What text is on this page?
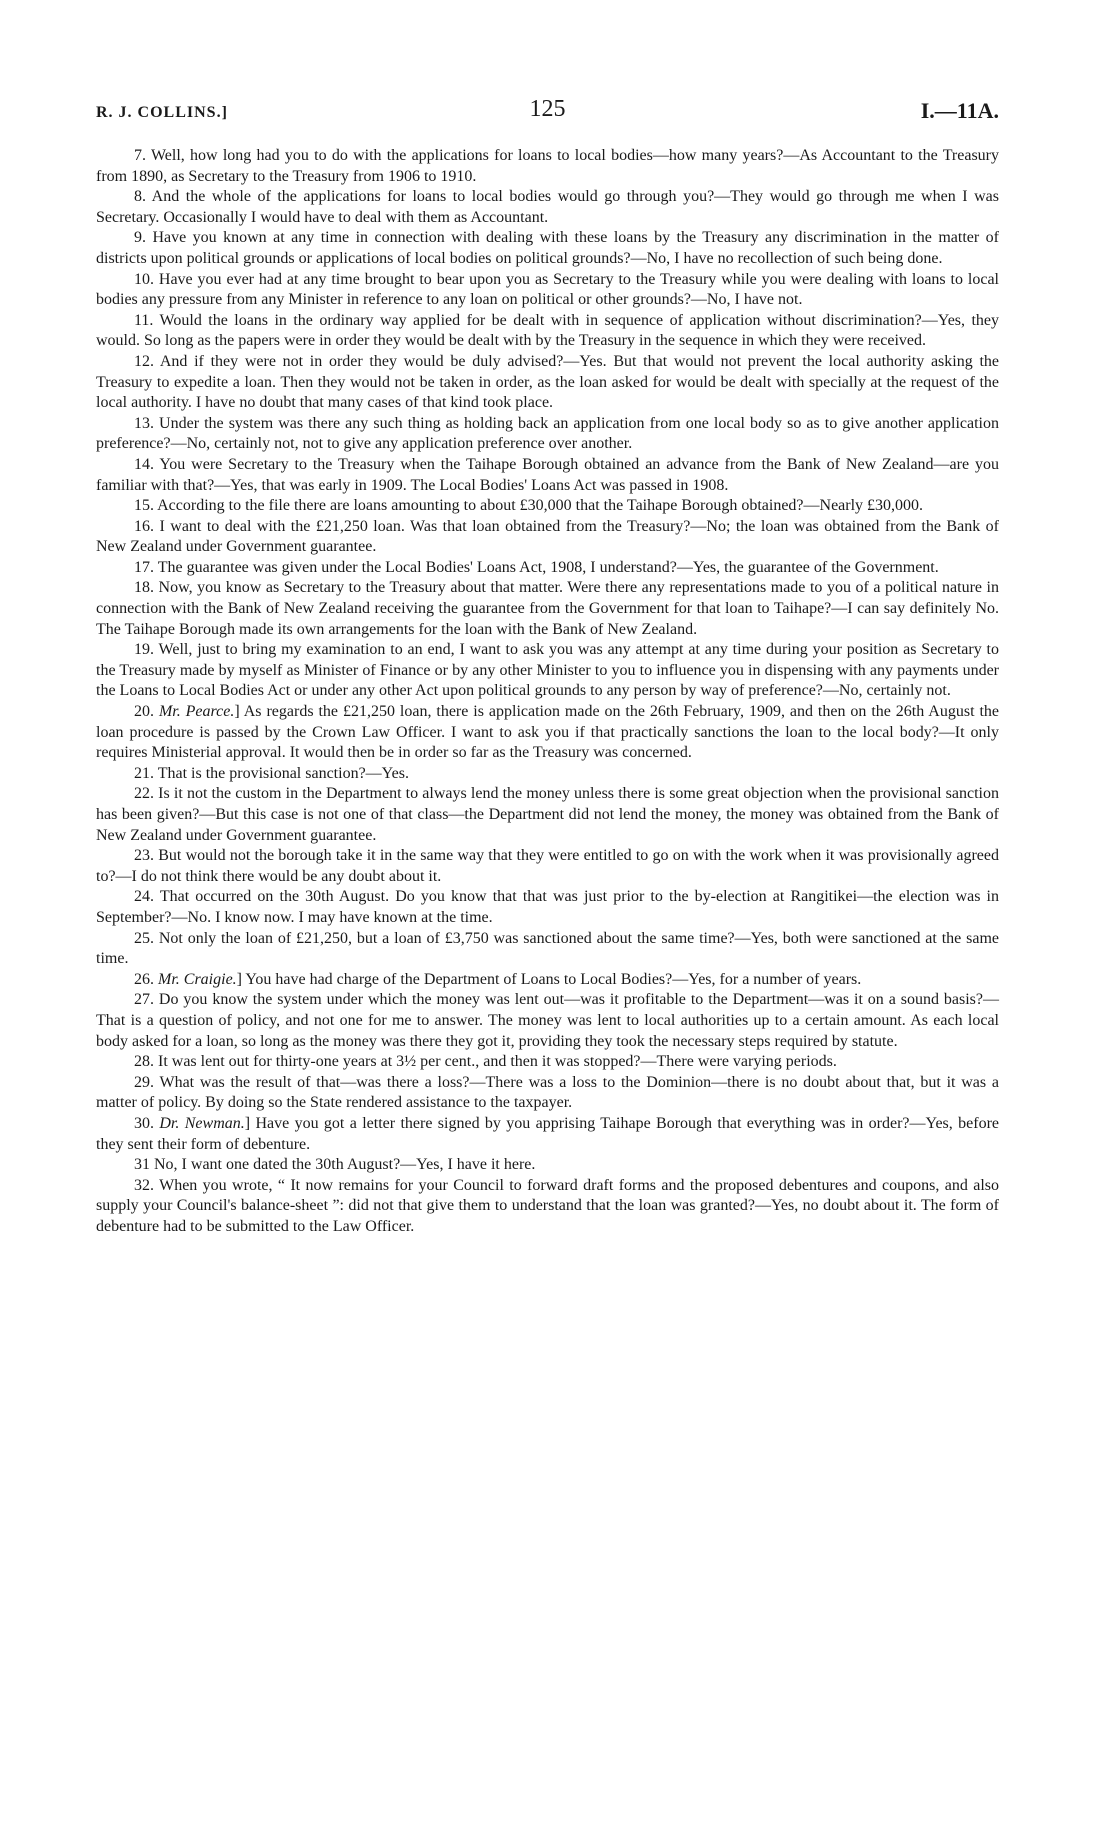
R. J. COLLINS.]	125	I.—11A.

7. Well, how long had you to do with the applications for loans to local bodies—how many years?—As Accountant to the Treasury from 1890, as Secretary to the Treasury from 1906 to 1910.

8. And the whole of the applications for loans to local bodies would go through you?—They would go through me when I was Secretary. Occasionally I would have to deal with them as Accountant.

9. Have you known at any time in connection with dealing with these loans by the Treasury any discrimination in the matter of districts upon political grounds or applications of local bodies on political grounds?—No, I have no recollection of such being done.

10. Have you ever had at any time brought to bear upon you as Secretary to the Treasury while you were dealing with loans to local bodies any pressure from any Minister in reference to any loan on political or other grounds?—No, I have not.

11. Would the loans in the ordinary way applied for be dealt with in sequence of application without discrimination?—Yes, they would. So long as the papers were in order they would be dealt with by the Treasury in the sequence in which they were received.

12. And if they were not in order they would be duly advised?—Yes. But that would not prevent the local authority asking the Treasury to expedite a loan. Then they would not be taken in order, as the loan asked for would be dealt with specially at the request of the local authority. I have no doubt that many cases of that kind took place.

13. Under the system was there any such thing as holding back an application from one local body so as to give another application preference?—No, certainly not, not to give any application preference over another.

14. You were Secretary to the Treasury when the Taihape Borough obtained an advance from the Bank of New Zealand—are you familiar with that?—Yes, that was early in 1909. The Local Bodies' Loans Act was passed in 1908.

15. According to the file there are loans amounting to about £30,000 that the Taihape Borough obtained?—Nearly £30,000.

16. I want to deal with the £21,250 loan. Was that loan obtained from the Treasury?—No; the loan was obtained from the Bank of New Zealand under Government guarantee.

17. The guarantee was given under the Local Bodies' Loans Act, 1908, I understand?—Yes, the guarantee of the Government.

18. Now, you know as Secretary to the Treasury about that matter. Were there any representations made to you of a political nature in connection with the Bank of New Zealand receiving the guarantee from the Government for that loan to Taihape?—I can say definitely No. The Taihape Borough made its own arrangements for the loan with the Bank of New Zealand.

19. Well, just to bring my examination to an end, I want to ask you was any attempt at any time during your position as Secretary to the Treasury made by myself as Minister of Finance or by any other Minister to you to influence you in dispensing with any payments under the Loans to Local Bodies Act or under any other Act upon political grounds to any person by way of preference?—No, certainly not.

20. Mr. Pearce.] As regards the £21,250 loan, there is application made on the 26th February, 1909, and then on the 26th August the loan procedure is passed by the Crown Law Officer. I want to ask you if that practically sanctions the loan to the local body?—It only requires Ministerial approval. It would then be in order so far as the Treasury was concerned.

21. That is the provisional sanction?—Yes.

22. Is it not the custom in the Department to always lend the money unless there is some great objection when the provisional sanction has been given?—But this case is not one of that class—the Department did not lend the money, the money was obtained from the Bank of New Zealand under Government guarantee.

23. But would not the borough take it in the same way that they were entitled to go on with the work when it was provisionally agreed to?—I do not think there would be any doubt about it.

24. That occurred on the 30th August. Do you know that that was just prior to the by-election at Rangitikei—the election was in September?—No. I know now. I may have known at the time.

25. Not only the loan of £21,250, but a loan of £3,750 was sanctioned about the same time?—Yes, both were sanctioned at the same time.

26. Mr. Craigie.] You have had charge of the Department of Loans to Local Bodies?—Yes, for a number of years.

27. Do you know the system under which the money was lent out—was it profitable to the Department—was it on a sound basis?—That is a question of policy, and not one for me to answer. The money was lent to local authorities up to a certain amount. As each local body asked for a loan, so long as the money was there they got it, providing they took the necessary steps required by statute.

28. It was lent out for thirty-one years at 3½ per cent., and then it was stopped?—There were varying periods.

29. What was the result of that—was there a loss?—There was a loss to the Dominion—there is no doubt about that, but it was a matter of policy. By doing so the State rendered assistance to the taxpayer.

30. Dr. Newman.] Have you got a letter there signed by you apprising Taihape Borough that everything was in order?—Yes, before they sent their form of debenture.

31 No, I want one dated the 30th August?—Yes, I have it here.

32. When you wrote, “ It now remains for your Council to forward draft forms and the proposed debentures and coupons, and also supply your Council's balance-sheet ”: did not that give them to understand that the loan was granted?—Yes, no doubt about it. The form of debenture had to be submitted to the Law Officer.
